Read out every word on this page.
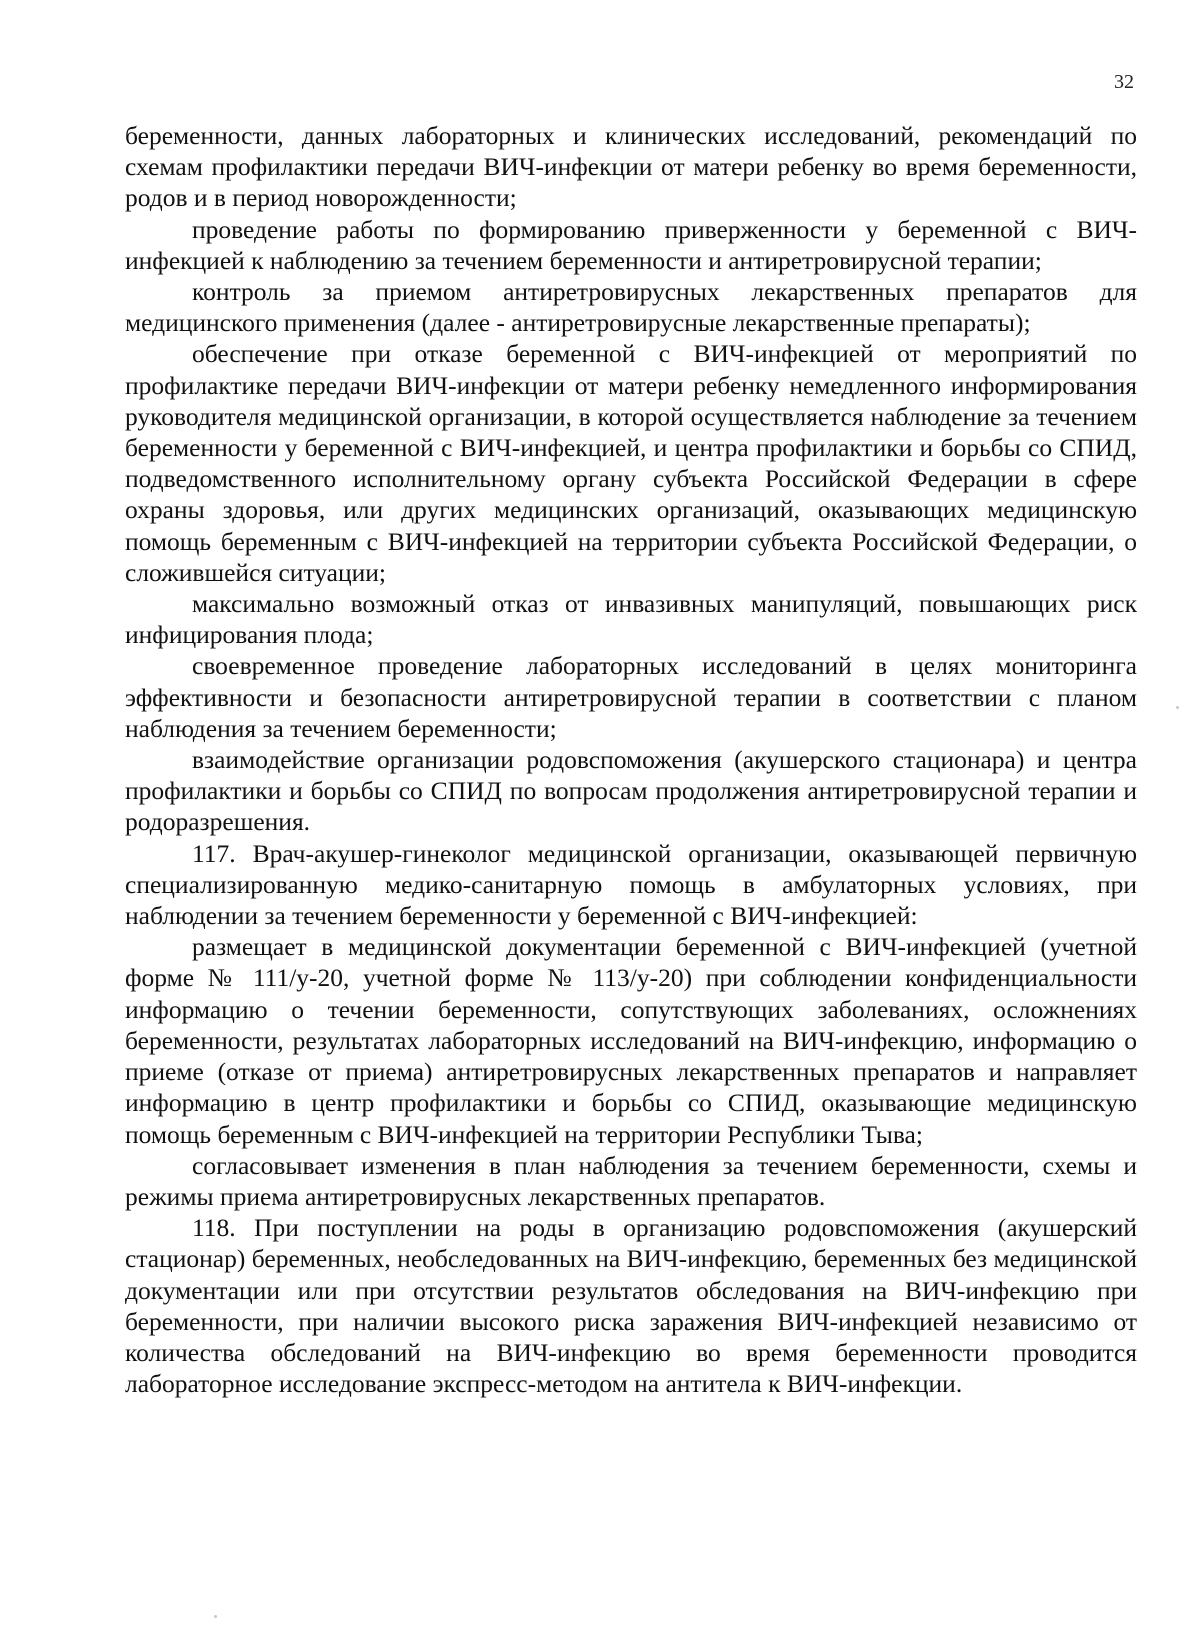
32

беременности, данных лабораторных и клинических исследований, рекомендаций по схемам профилактики передачи ВИЧ-инфекции от матери ребенку во время беременности, родов и в период новорожденности;

проведение работы по формированию приверженности у беременной с ВИЧ-инфекцией к наблюдению за течением беременности и антиретровирусной терапии;

контроль за приемом антиретровирусных лекарственных препаратов для медицинского применения (далее - антиретровирусные лекарственные препараты);

обеспечение при отказе беременной с ВИЧ-инфекцией от мероприятий по профилактике передачи ВИЧ-инфекции от матери ребенку немедленного информирования руководителя медицинской организации, в которой осуществляется наблюдение за течением беременности у беременной с ВИЧ-инфекцией, и центра профилактики и борьбы со СПИД, подведомственного исполнительному органу субъекта Российской Федерации в сфере охраны здоровья, или других медицинских организаций, оказывающих медицинскую помощь беременным с ВИЧ-инфекцией на территории субъекта Российской Федерации, о сложившейся ситуации;

максимально возможный отказ от инвазивных манипуляций, повышающих риск инфицирования плода;

своевременное проведение лабораторных исследований в целях мониторинга эффективности и безопасности антиретровирусной терапии в соответствии с планом наблюдения за течением беременности;

взаимодействие организации родовспоможения (акушерского стационара) и центра профилактики и борьбы со СПИД по вопросам продолжения антиретровирусной терапии и родоразрешения.

117. Врач-акушер-гинеколог медицинской организации, оказывающей первичную специализированную медико-санитарную помощь в амбулаторных условиях, при наблюдении за течением беременности у беременной с ВИЧ-инфекцией:

размещает в медицинской документации беременной с ВИЧ-инфекцией (учетной форме № 111/у-20, учетной форме № 113/у-20) при соблюдении конфиденциальности информацию о течении беременности, сопутствующих заболеваниях, осложнениях беременности, результатах лабораторных исследований на ВИЧ-инфекцию, информацию о приеме (отказе от приема) антиретровирусных лекарственных препаратов и направляет информацию в центр профилактики и борьбы со СПИД, оказывающие медицинскую помощь беременным с ВИЧ-инфекцией на территории Республики Тыва;

согласовывает изменения в план наблюдения за течением беременности, схемы и режимы приема антиретровирусных лекарственных препаратов.

118. При поступлении на роды в организацию родовспоможения (акушерский стационар) беременных, необследованных на ВИЧ-инфекцию, беременных без медицинской документации или при отсутствии результатов обследования на ВИЧ-инфекцию при беременности, при наличии высокого риска заражения ВИЧ-инфекцией независимо от количества обследований на ВИЧ-инфекцию во время беременности проводится лабораторное исследование экспресс-методом на антитела к ВИЧ-инфекции.
